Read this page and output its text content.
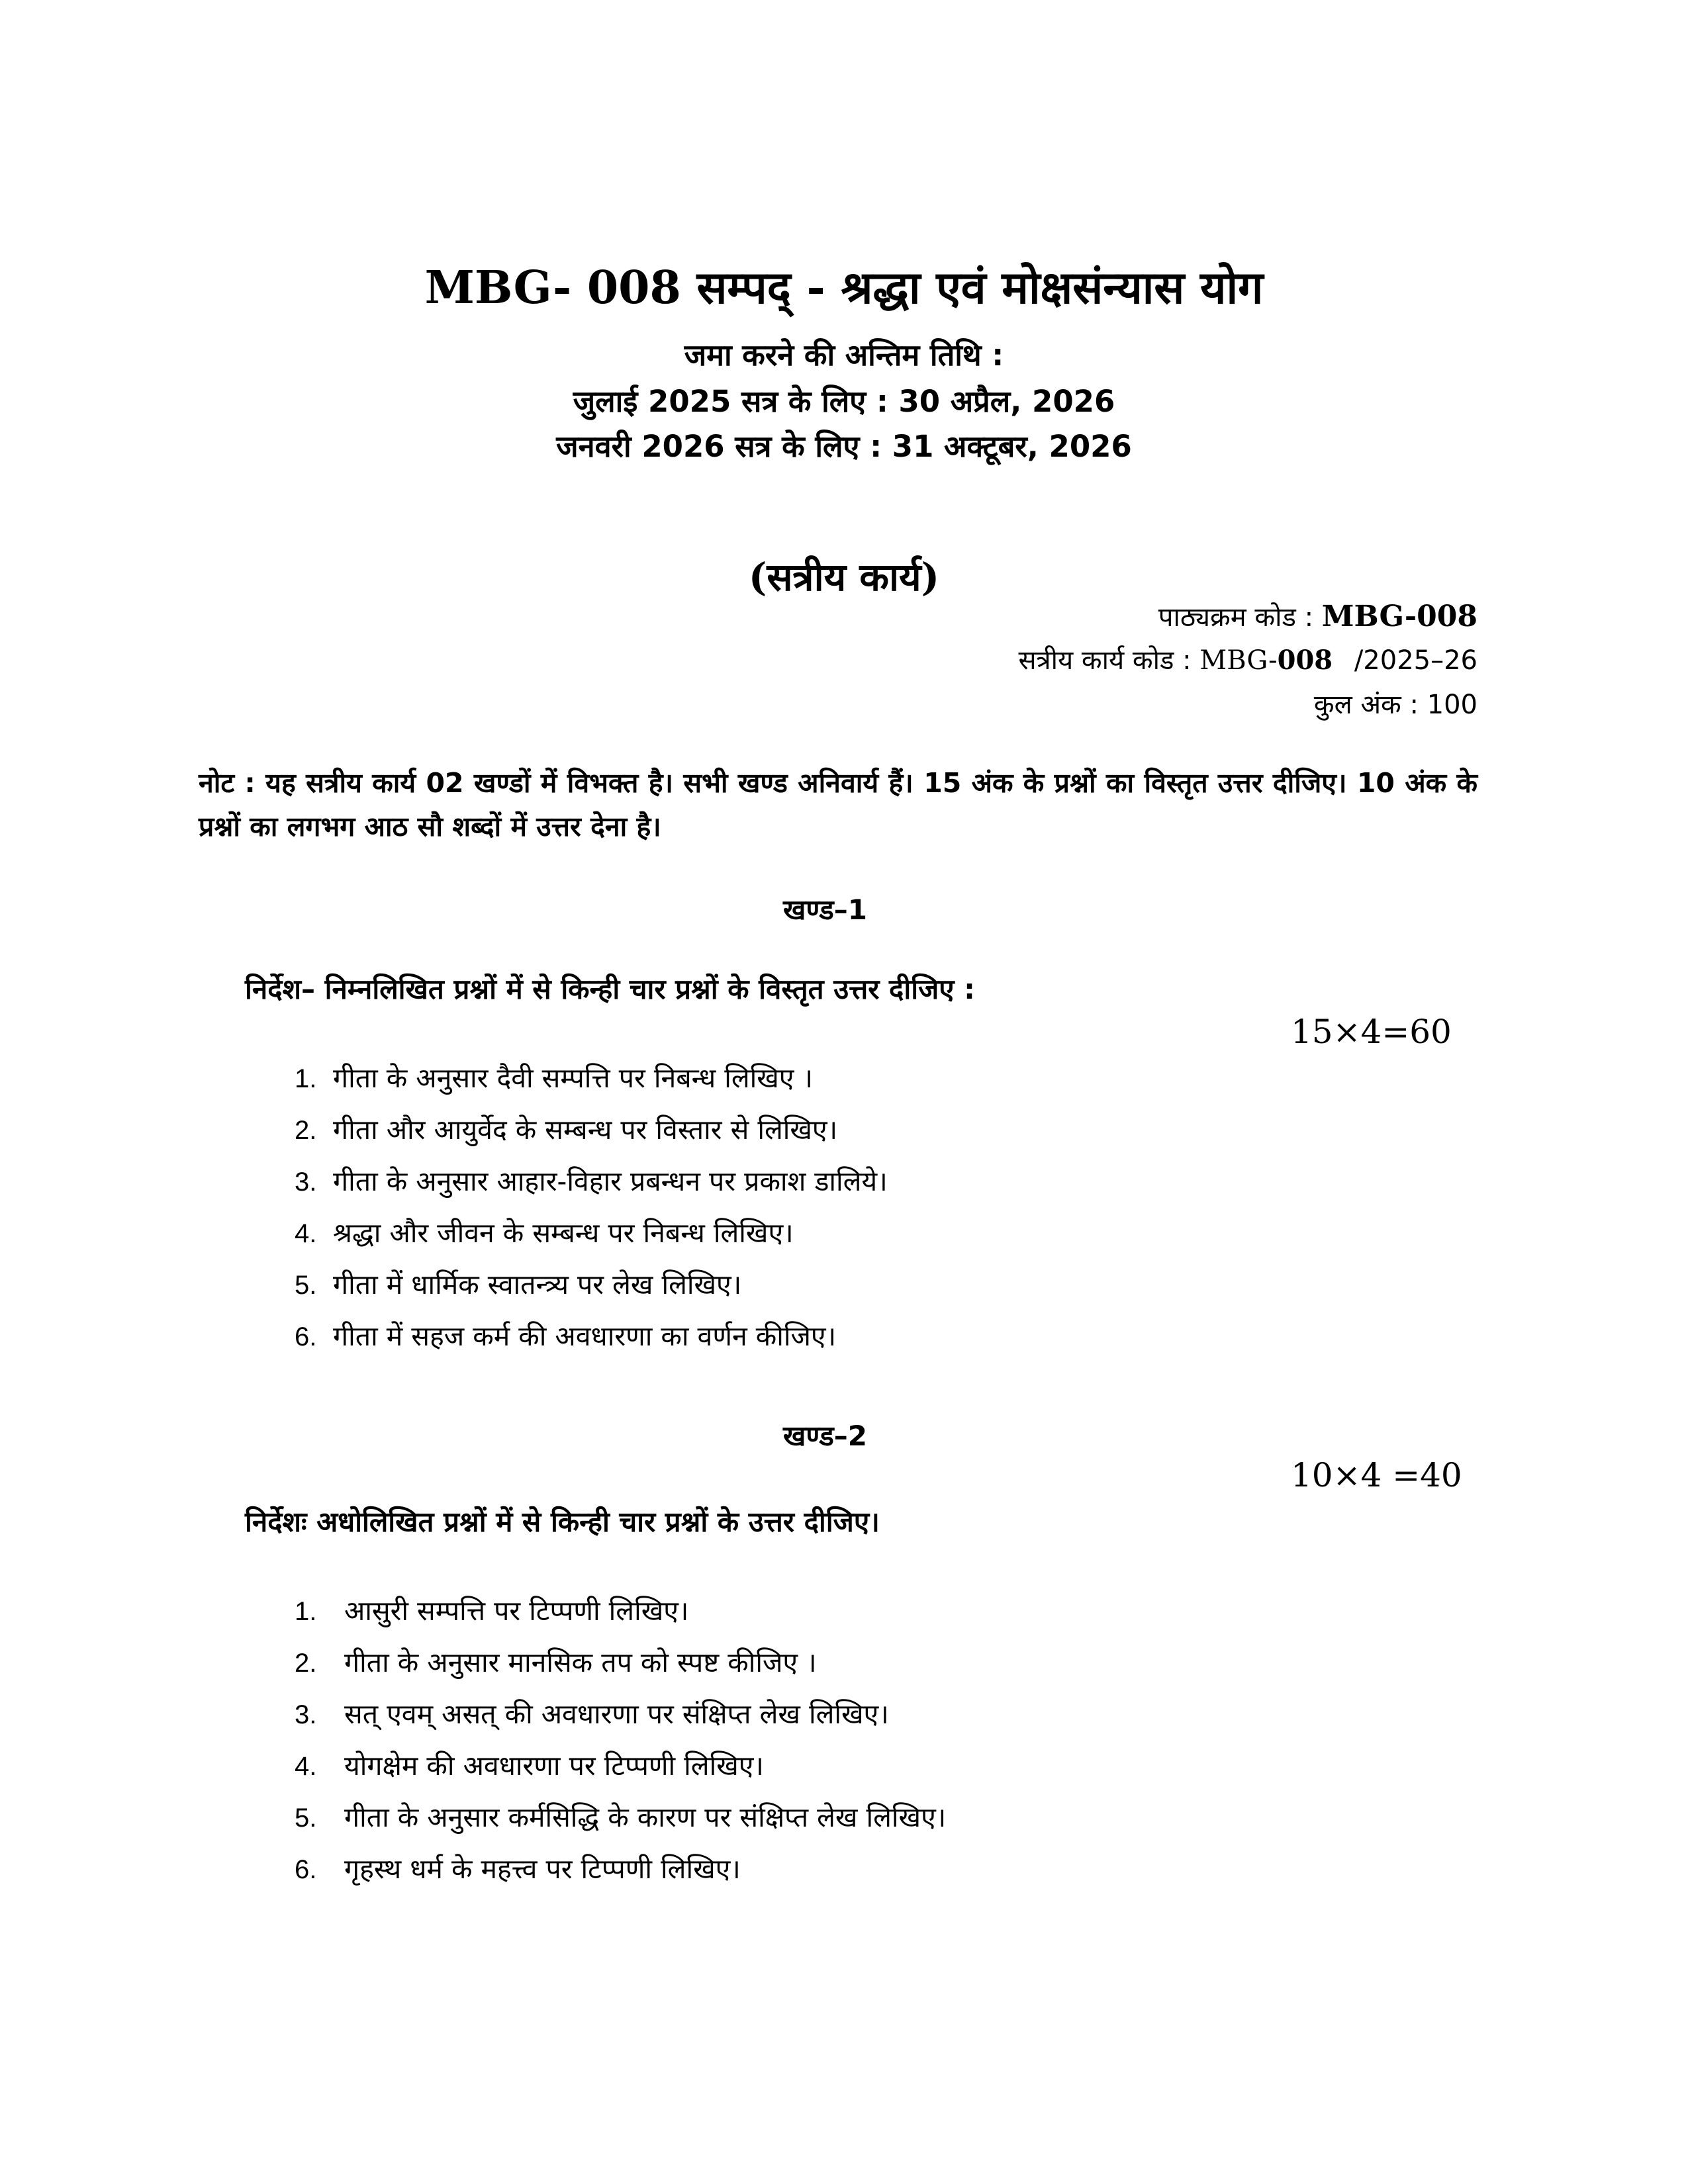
MBG- 008 सम्पद् - श्रद्धा एवं मोक्षसंन्यास योग
जमा करने की अन्तिम तिथि :
जुलाई 2025 सत्र के लिए : 30 अप्रैल, 2026
जनवरी 2026 सत्र के लिए : 31 अक्टूबर, 2026
(सत्रीय कार्य)
पाठ्यक्रम कोड : MBG-008
सत्रीय कार्य कोड : MBG-008 /2025–26
कुल अंक : 100
नोट : यह सत्रीय कार्य 02 खण्डों में विभक्त है। सभी खण्ड अनिवार्य हैं। 15 अंक के प्रश्नों का विस्तृत उत्तर दीजिए। 10 अंक के प्रश्नों का लगभग आठ सौ शब्दों में उत्तर देना है।
खण्ड–1
निर्देश– निम्नलिखित प्रश्नों में से किन्ही चार प्रश्नों के विस्तृत उत्तर दीजिए :
15×4=60
1. गीता के अनुसार दैवी सम्पत्ति पर निबन्ध लिखिए ।
2. गीता और आयुर्वेद के सम्बन्ध पर विस्तार से लिखिए।
3. गीता के अनुसार आहार-विहार प्रबन्धन पर प्रकाश डालिये।
4. श्रद्धा और जीवन के सम्बन्ध पर निबन्ध लिखिए।
5. गीता में धार्मिक स्वातन्त्र्य पर लेख लिखिए।
6. गीता में सहज कर्म की अवधारणा का वर्णन कीजिए।
खण्ड–2
10×4 =40
निर्देशः अधोलिखित प्रश्नों में से किन्ही चार प्रश्नों के उत्तर दीजिए।
1. आसुरी सम्पत्ति पर टिप्पणी लिखिए।
2. गीता के अनुसार मानसिक तप को स्पष्ट कीजिए ।
3. सत् एवम् असत् की अवधारणा पर संक्षिप्त लेख लिखिए।
4. योगक्षेम की अवधारणा पर टिप्पणी लिखिए।
5. गीता के अनुसार कर्मसिद्धि के कारण पर संक्षिप्त लेख लिखिए।
6. गृहस्थ धर्म के महत्त्व पर टिप्पणी लिखिए।
